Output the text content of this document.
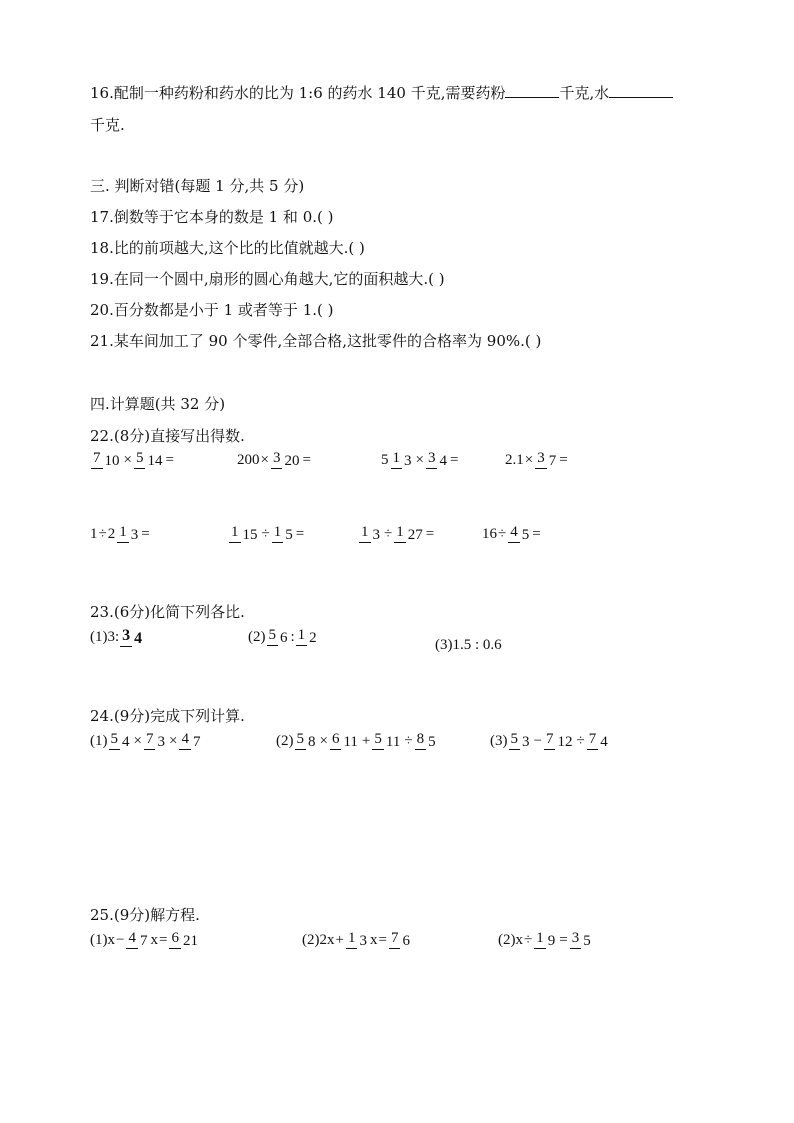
16.配制一种药粉和药水的比为 1:6 的药水 140 千克,需要药粉	千克,水
千克.
三. 判断对错(每题 1 分,共 5 分)
17.倒数等于它本身的数是 1 和 0.( )
18.比的前项越大,这个比的比值就越大.( )
19.在同一个圆中,扇形的圆心角越大,它的面积越大.( )
20.百分数都是小于 1 或者等于 1.( )
21.某车间加工了 90 个零件,全部合格,这批零件的合格率为 90%.( )
四.计算题(共 32 分)
22.(8分)直接写出得数.
7 10 × 5 14 =	200× 3 20 =	5 1 3 × 3 4 =	2.1× 3 7 =
1÷2 1 3 =	1 15 ÷ 1 5 =	1 3 ÷ 1 27 =	16÷ 4 5 =
23.(6分)化简下列各比.
(1)3: 3 4	(2) 5 6 : 1 2	(3)1.5 : 0.6
24.(9分)完成下列计算.
(1) 5 4 × 7 3 × 4 7	(2) 5 8 × 6 11 + 5 11 ÷ 8 5	(3) 5 3 − 7 12 ÷ 7 4
25.(9分)解方程.
(1)x− 4 7 x= 6 21	(2)2x+ 1 3 x= 7 6	(2)x÷ 1 9 = 3 5
